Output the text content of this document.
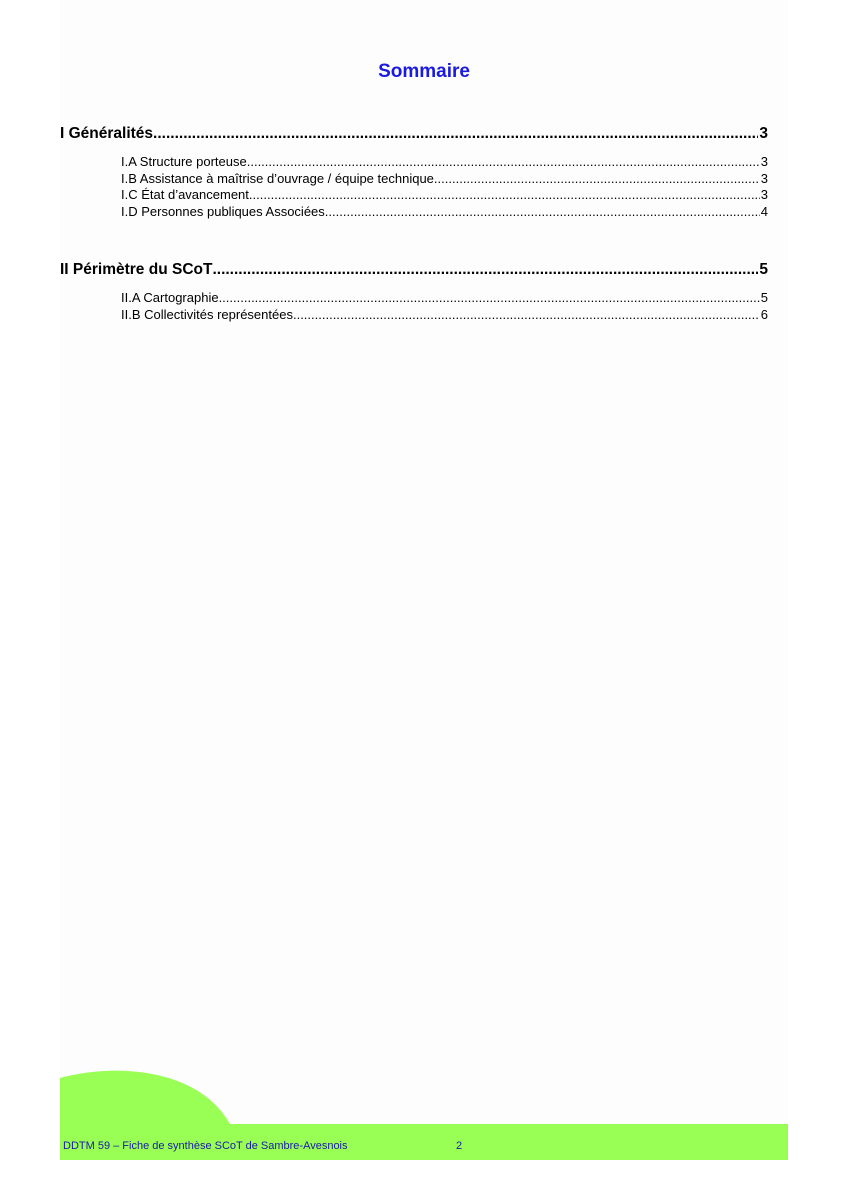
Sommaire
I Généralités .....	3
I.A Structure porteuse .....	3
I.B Assistance à maîtrise d’ouvrage / équipe technique .....	3
I.C État d’avancement .....	3
I.D Personnes publiques Associées .....	4
II Périmètre du SCoT .....	5
II.A Cartographie .....	5
II.B Collectivités représentées .....	6
DDTM 59 – Fiche de synthèse SCoT de Sambre-Avesnois	2
